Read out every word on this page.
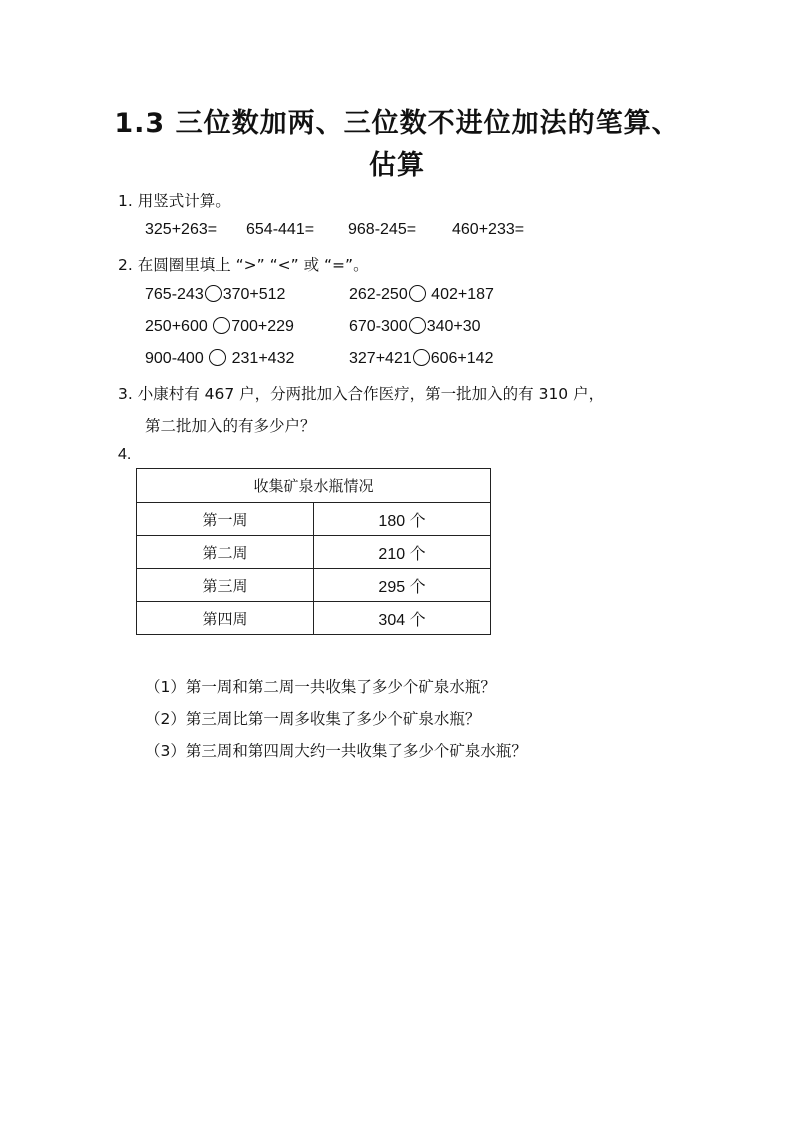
1.3 三位数加两、三位数不进位加法的笔算、
估算
1. 用竖式计算。
325+263= 654-441= 968-245= 460+233=
2. 在圆圈里填上 “>” “<” 或 “=”。
765-243 370+512	262-250 402+187
250+600 700+229	670-300 340+30
900-400 231+432	327+421 606+142
3. 小康村有 467 户，分两批加入合作医疗，第一批加入的有 310 户，
第二批加入的有多少户？
4.
收集矿泉水瓶情况	
第一周	180 个
第二周	210 个
第三周	295 个
第四周	304 个
（1）第一周和第二周一共收集了多少个矿泉水瓶？
（2）第三周比第一周多收集了多少个矿泉水瓶？
（3）第三周和第四周大约一共收集了多少个矿泉水瓶？
